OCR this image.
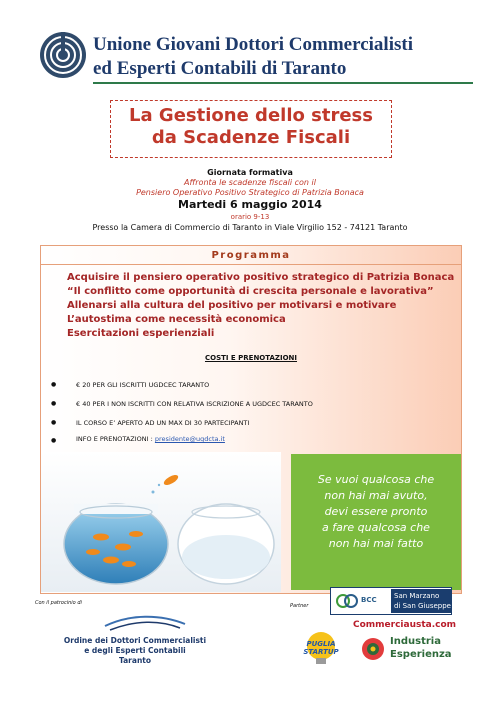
Unione Giovani Dottori Commercialisti
ed Esperti Contabili di Taranto
La Gestione dello stress
da Scadenze Fiscali
Giornata formativa
Affronta le scadenze fiscali con il
Pensiero Operativo Positivo Strategico di Patrizia Bonaca
Martedi 6 maggio 2014
orario 9-13
Presso la Camera di Commercio di Taranto in Viale Virgilio 152 - 74121 Taranto
Programma
Acquisire il pensiero operativo positivo strategico di Patrizia Bonaca
“Il conflitto come opportunità di crescita personale e lavorativa”
Allenarsi alla cultura del positivo per motivarsi e motivare
L’autostima come necessità economica
Esercitazioni esperienziali
COSTI E PRENOTAZIONI
●	€ 20 PER GLI ISCRITTI UGDCEC TARANTO
●	€ 40 PER I NON ISCRITTI CON RELATIVA ISCRIZIONE A UGDCEC TARANTO
●	IL CORSO E’ APERTO AD UN MAX DI 30 PARTECIPANTI
●	INFO E PRENOTAZIONI : presidente@ugdcta.it
Se vuoi qualcosa che
non hai mai avuto,
devi essere pronto
a fare qualcosa che
non hai mai fatto
Con il patrocinio di
Ordine dei Dottori Commercialisti
e degli Esperti Contabili
Taranto
Partner
BCC San Marzano
di San Giuseppe
Commerciausta.com
PUGLIA STARTUP
Industria
Esperienza
